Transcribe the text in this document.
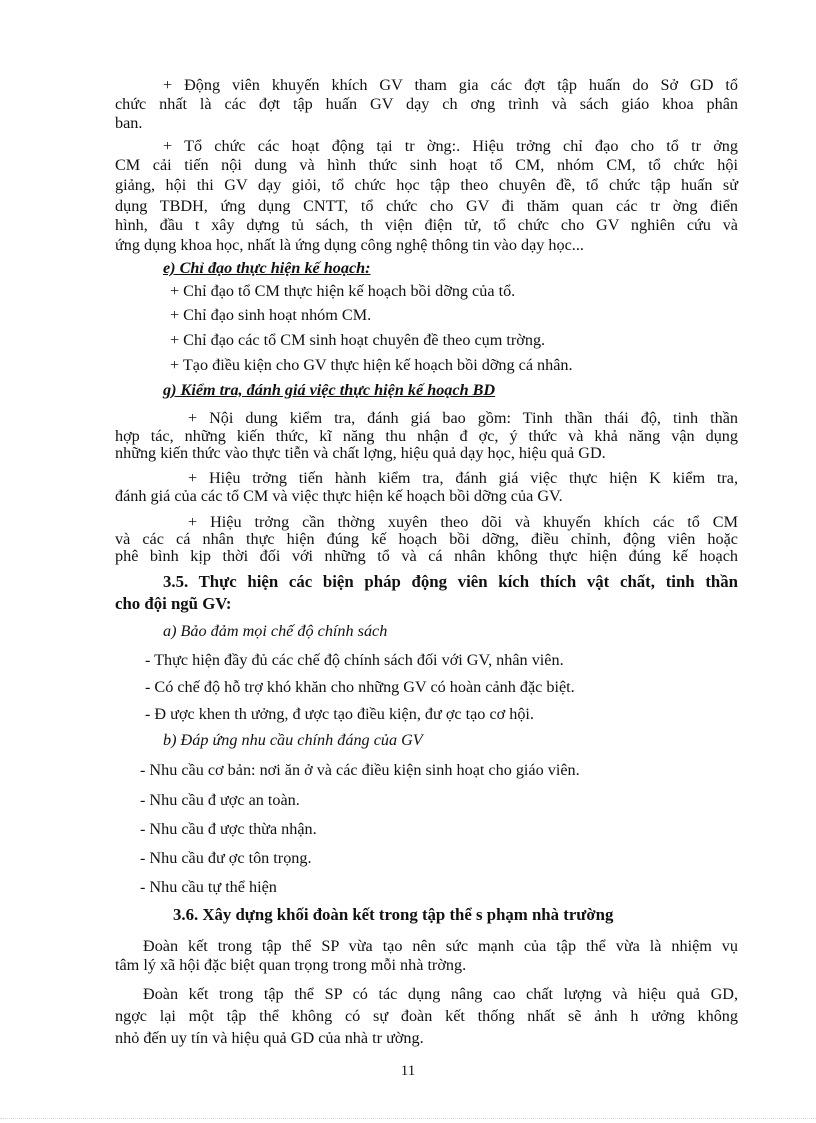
+ Động viên khuyến khích GV tham gia các đợt tập huấn do Sở GD tổ
chức nhất là các đợt tập huấn GV dạy ch ơng trình và sách giáo khoa phân
ban.
+ Tổ chức các hoạt động tại tr ờng:. Hiệu trởng chỉ đạo cho tổ tr ởng
CM cải tiến nội dung và hình thức sinh hoạt tổ CM, nhóm CM, tổ chức hội
giảng, hội thi GV dạy giỏi, tổ chức học tập theo chuyên đề, tổ chức tập huấn sử
dụng TBDH, ứng dụng CNTT, tổ chức cho GV đi thăm quan các tr ờng điển
hình, đầu t xây dựng tủ sách, th viện điện tử, tổ chức cho GV nghiên cứu và
ứng dụng khoa học, nhất là ứng dụng công nghệ thông tin vào dạy học...
e) Chỉ đạo thực hiện kế hoạch:
+ Chỉ đạo tổ CM thực hiện kế hoạch bồi dỡng của tổ.
+ Chỉ đạo sinh hoạt nhóm CM.
+ Chỉ đạo các tổ CM sinh hoạt chuyên đề theo cụm trờng.
+ Tạo điều kiện cho GV thực hiện kế hoạch bồi dỡng cá nhân.
g) Kiểm tra, đánh giá việc thực hiện kế hoạch BD
+ Nội dung kiểm tra, đánh giá bao gồm: Tinh thần thái độ, tinh thần
hợp tác, những kiến thức, kĩ năng thu nhận đ ợc, ý thức và khả năng vận dụng
những kiến thức vào thực tiễn và chất lợng, hiệu quả dạy học, hiệu quả GD.
+ Hiệu trởng tiến hành kiểm tra, đánh giá việc thực hiện K kiểm tra,
đánh giá của các tổ CM và việc thực hiện kế hoạch bồi dỡng của GV.
+ Hiệu trởng cần thờng xuyên theo dõi và khuyến khích các tổ CM
và các cá nhân thực hiện đúng kế hoạch bồi dỡng, điều chỉnh, động viên hoặc
phê bình kịp thời đối với những tổ và cá nhân không thực hiện đúng kế hoạch
3.5. Thực hiện các biện pháp động viên kích thích vật chất, tinh thần
cho đội ngũ GV:
a) Bảo đảm mọi chế độ chính sách
- Thực hiện đầy đủ các chế độ chính sách đối với GV, nhân viên.
- Có chế độ hỗ trợ khó khăn cho những GV có hoàn cảnh đặc biệt.
- Đ ược khen th ưởng, đ ược tạo điều kiện, đư ợc tạo cơ hội.
b) Đáp ứng nhu cầu chính đáng của GV
- Nhu cầu cơ bản: nơi ăn ở và các điều kiện sinh hoạt cho giáo viên.
- Nhu cầu đ ược an toàn.
- Nhu cầu đ ược thừa nhận.
- Nhu cầu đư ợc tôn trọng.
- Nhu cầu tự thể hiện
3.6. Xây dựng khối đoàn kết trong tập thể s phạm nhà trường
Đoàn kết trong tập thể SP vừa tạo nên sức mạnh của tập thể vừa là nhiệm vụ
tâm lý xã hội đặc biệt quan trọng trong mỗi nhà trờng.
Đoàn kết trong tập thể SP có tác dụng nâng cao chất lượng và hiệu quả GD,
ngợc lại một tập thể không có sự đoàn kết thống nhất sẽ ảnh h ưởng không
nhỏ đến uy tín và hiệu quả GD của nhà tr ường.
11
